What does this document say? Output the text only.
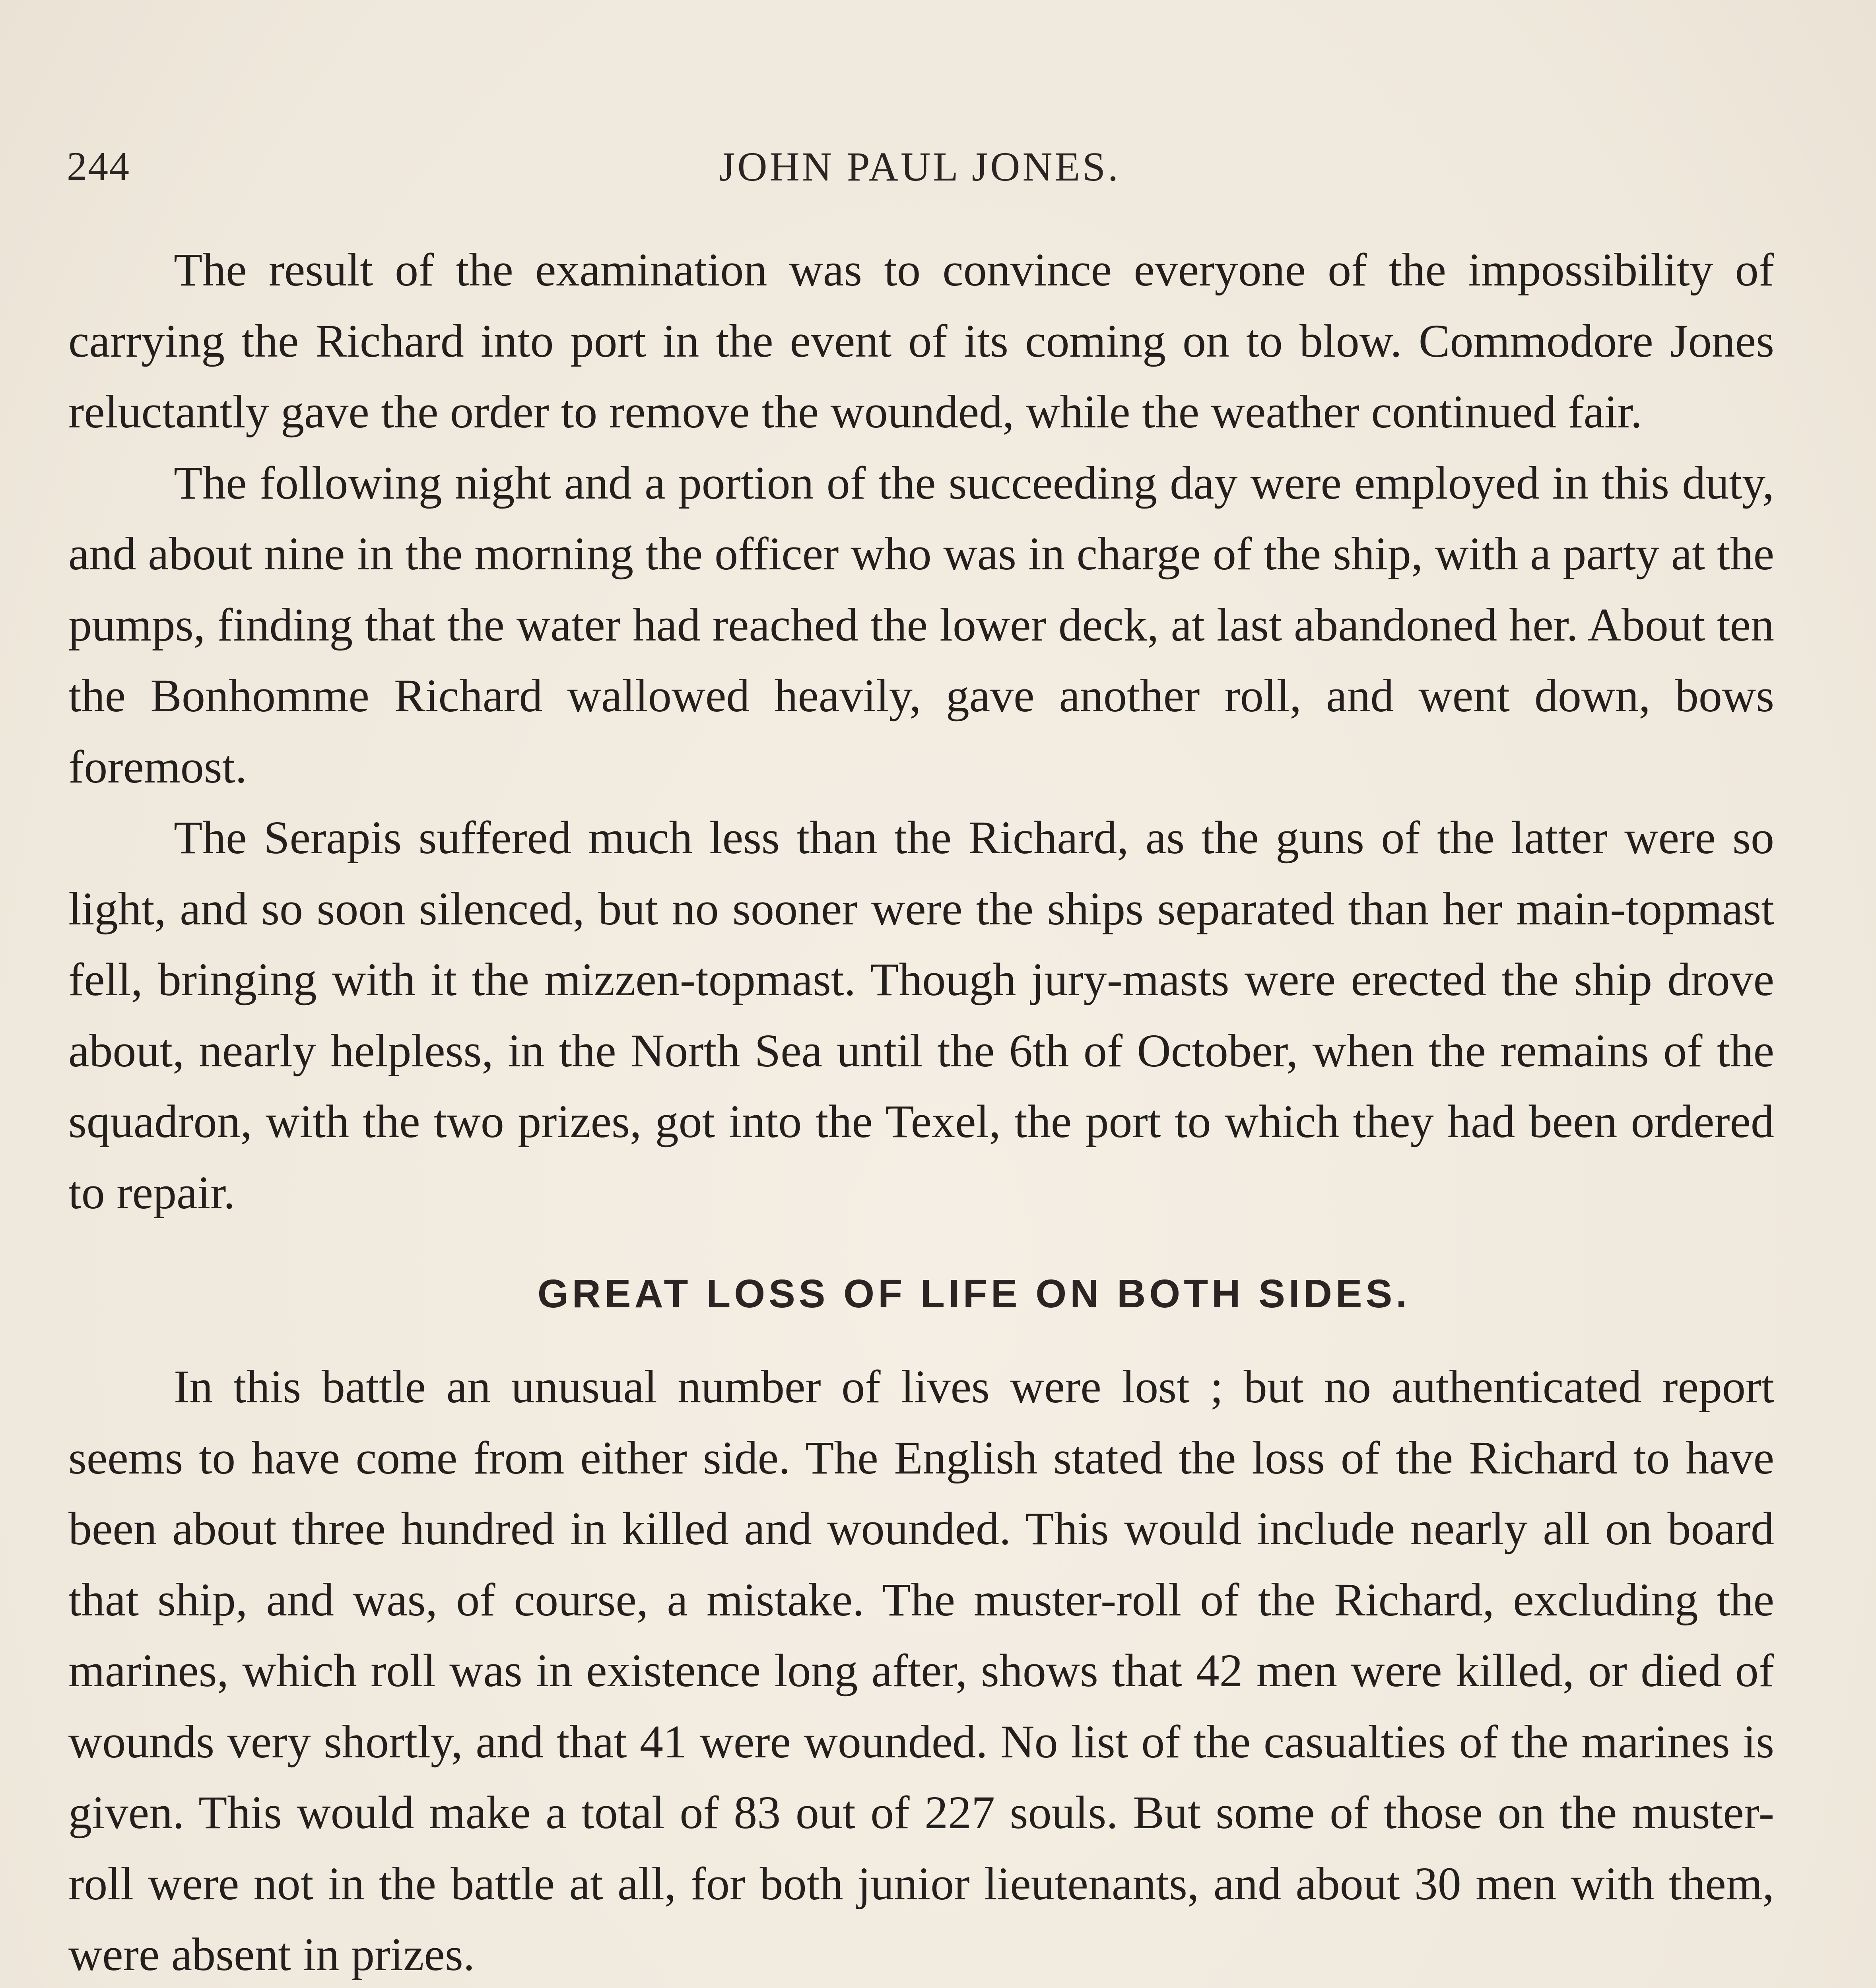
244	JOHN PAUL JONES.

The result of the examination was to convince everyone of the impossibility of carrying the Richard into port in the event of its coming on to blow. Commodore Jones reluctantly gave the order to remove the wounded, while the weather continued fair.

The following night and a portion of the succeeding day were employed in this duty, and about nine in the morning the officer who was in charge of the ship, with a party at the pumps, finding that the water had reached the lower deck, at last abandoned her. About ten the Bonhomme Richard wallowed heavily, gave another roll, and went down, bows foremost.

The Serapis suffered much less than the Richard, as the guns of the latter were so light, and so soon silenced, but no sooner were the ships separated than her main-topmast fell, bringing with it the mizzen-topmast. Though jury-masts were erected the ship drove about, nearly helpless, in the North Sea until the 6th of October, when the remains of the squadron, with the two prizes, got into the Texel, the port to which they had been ordered to repair.

GREAT LOSS OF LIFE ON BOTH SIDES.

In this battle an unusual number of lives were lost ; but no authenticated report seems to have come from either side. The English stated the loss of the Richard to have been about three hundred in killed and wounded. This would include nearly all on board that ship, and was, of course, a mistake. The muster-roll of the Richard, excluding the marines, which roll was in existence long after, shows that 42 men were killed, or died of wounds very shortly, and that 41 were wounded. No list of the casualties of the marines is given. This would make a total of 83 out of 227 souls. But some of those on the muster-roll were not in the battle at all, for both junior lieutenants, and about 30 men with them, were absent in prizes.
